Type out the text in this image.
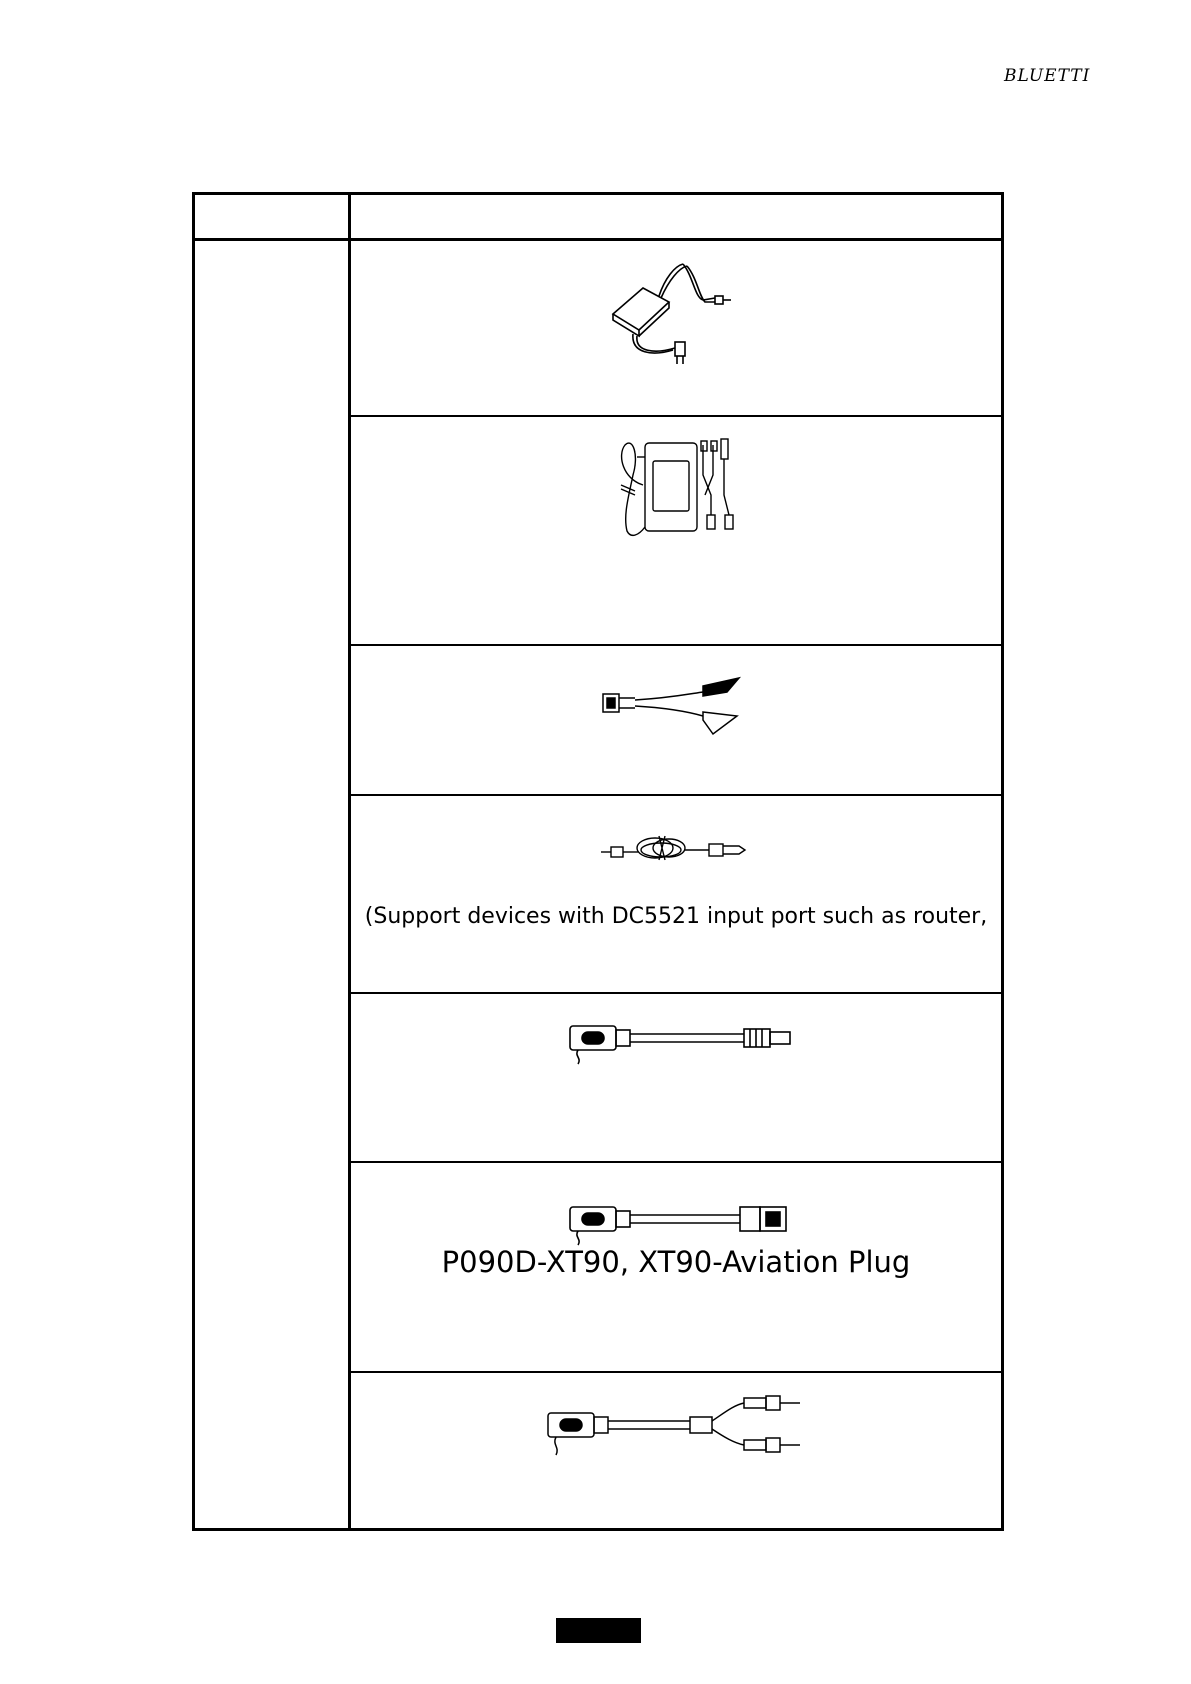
BLUETTI
(Support devices with DC5521 input port such as router,
P090D-XT90, XT90-Aviation Plug
